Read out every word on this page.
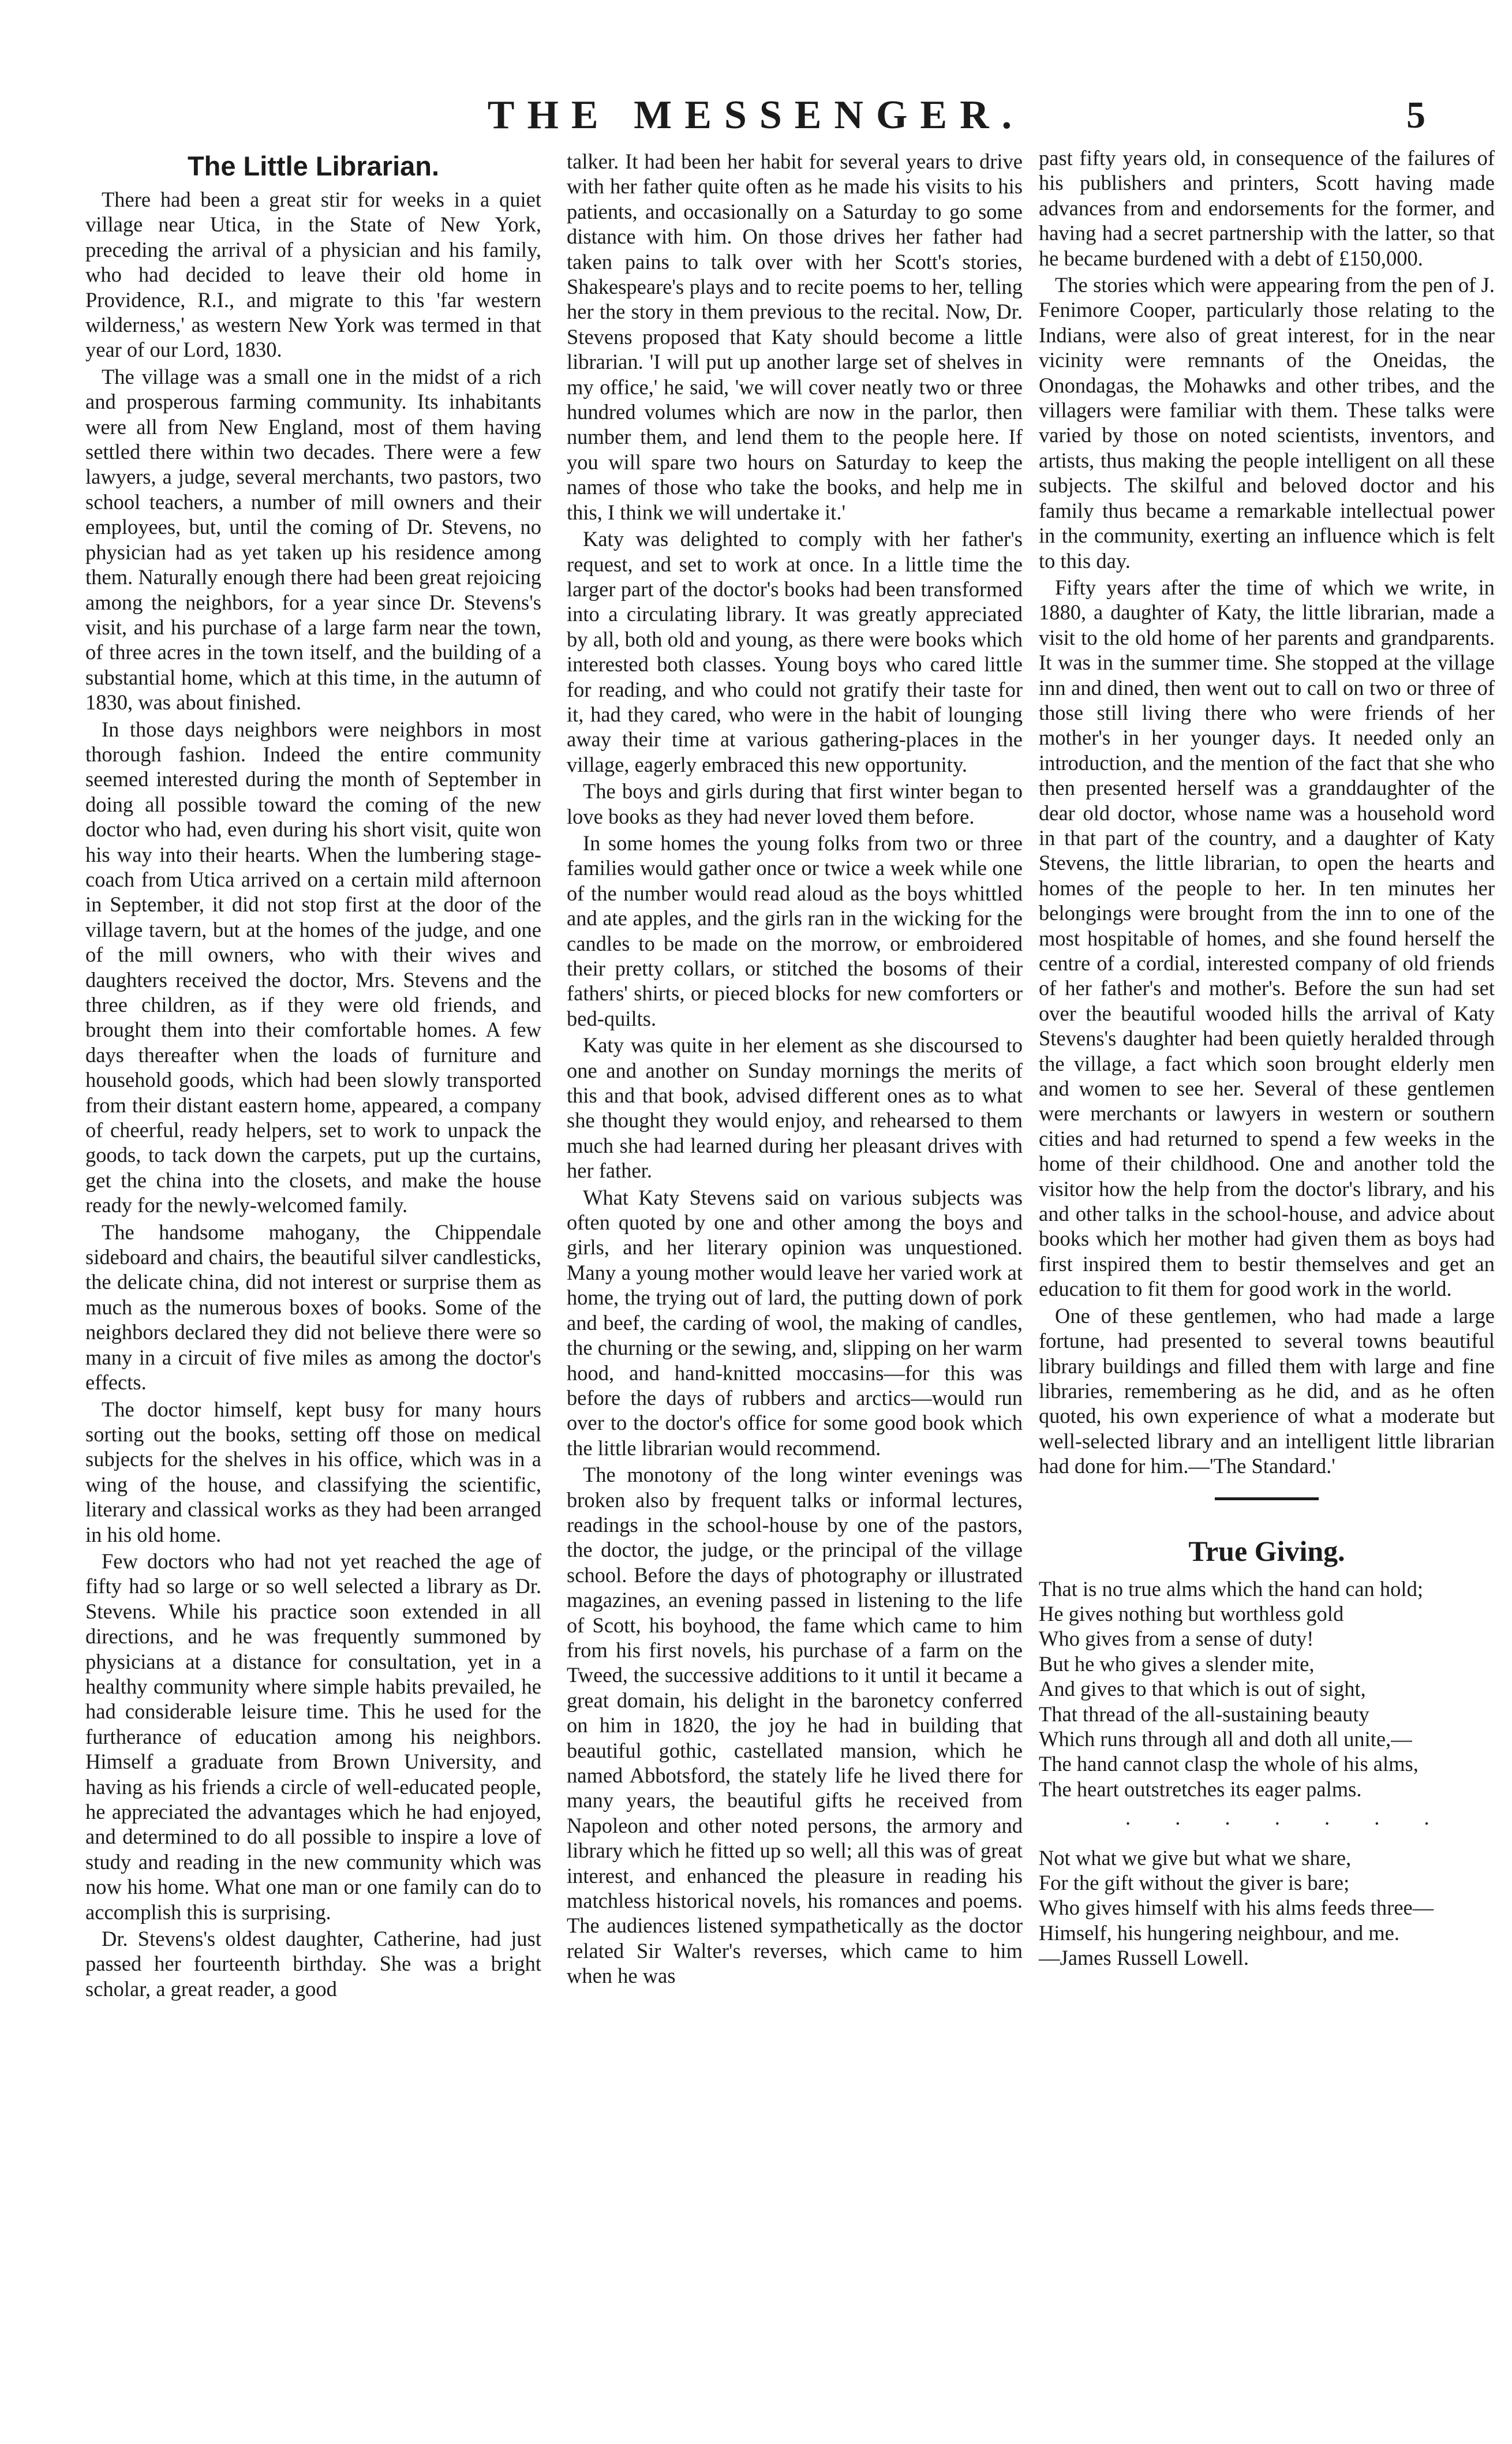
THE MESSENGER.	5
The Little Librarian.

There had been a great stir for weeks in a quiet village near Utica, in the State of New York, preceding the arrival of a physician and his family, who had decided to leave their old home in Providence, R.I., and migrate to this 'far western wilderness,' as western New York was termed in that year of our Lord, 1830.

The village was a small one in the midst of a rich and prosperous farming community. Its inhabitants were all from New England, most of them having settled there within two decades. There were a few lawyers, a judge, several merchants, two pastors, two school teachers, a number of mill owners and their employees, but, until the coming of Dr. Stevens, no physician had as yet taken up his residence among them. Naturally enough there had been great rejoicing among the neighbors, for a year since Dr. Stevens's visit, and his purchase of a large farm near the town, of three acres in the town itself, and the building of a substantial home, which at this time, in the autumn of 1830, was about finished.

In those days neighbors were neighbors in most thorough fashion. Indeed the entire community seemed interested during the month of September in doing all possible toward the coming of the new doctor who had, even during his short visit, quite won his way into their hearts. When the lumbering stage-coach from Utica arrived on a certain mild afternoon in September, it did not stop first at the door of the village tavern, but at the homes of the judge, and one of the mill owners, who with their wives and daughters received the doctor, Mrs. Stevens and the three children, as if they were old friends, and brought them into their comfortable homes. A few days thereafter when the loads of furniture and household goods, which had been slowly transported from their distant eastern home, appeared, a company of cheerful, ready helpers, set to work to unpack the goods, to tack down the carpets, put up the curtains, get the china into the closets, and make the house ready for the newly-welcomed family.

The handsome mahogany, the Chippendale sideboard and chairs, the beautiful silver candlesticks, the delicate china, did not interest or surprise them as much as the numerous boxes of books. Some of the neighbors declared they did not believe there were so many in a circuit of five miles as among the doctor's effects.

The doctor himself, kept busy for many hours sorting out the books, setting off those on medical subjects for the shelves in his office, which was in a wing of the house, and classifying the scientific, literary and classical works as they had been arranged in his old home.

Few doctors who had not yet reached the age of fifty had so large or so well selected a library as Dr. Stevens. While his practice soon extended in all directions, and he was frequently summoned by physicians at a distance for consultation, yet in a healthy community where simple habits prevailed, he had considerable leisure time. This he used for the furtherance of education among his neighbors. Himself a graduate from Brown University, and having as his friends a circle of well-educated people, he appreciated the advantages which he had enjoyed, and determined to do all possible to inspire a love of study and reading in the new community which was now his home. What one man or one family can do to accomplish this is surprising.

Dr. Stevens's oldest daughter, Catherine, had just passed her fourteenth birthday. She was a bright scholar, a great reader, a good

talker. It had been her habit for several years to drive with her father quite often as he made his visits to his patients, and occasionally on a Saturday to go some distance with him. On those drives her father had taken pains to talk over with her Scott's stories, Shakespeare's plays and to recite poems to her, telling her the story in them previous to the recital. Now, Dr. Stevens proposed that Katy should become a little librarian. 'I will put up another large set of shelves in my office,' he said, 'we will cover neatly two or three hundred volumes which are now in the parlor, then number them, and lend them to the people here. If you will spare two hours on Saturday to keep the names of those who take the books, and help me in this, I think we will undertake it.'

Katy was delighted to comply with her father's request, and set to work at once. In a little time the larger part of the doctor's books had been transformed into a circulating library. It was greatly appreciated by all, both old and young, as there were books which interested both classes. Young boys who cared little for reading, and who could not gratify their taste for it, had they cared, who were in the habit of lounging away their time at various gathering-places in the village, eagerly embraced this new opportunity.

The boys and girls during that first winter began to love books as they had never loved them before.

In some homes the young folks from two or three families would gather once or twice a week while one of the number would read aloud as the boys whittled and ate apples, and the girls ran in the wicking for the candles to be made on the morrow, or embroidered their pretty collars, or stitched the bosoms of their fathers' shirts, or pieced blocks for new comforters or bed-quilts.

Katy was quite in her element as she discoursed to one and another on Sunday mornings the merits of this and that book, advised different ones as to what she thought they would enjoy, and rehearsed to them much she had learned during her pleasant drives with her father.

What Katy Stevens said on various subjects was often quoted by one and other among the boys and girls, and her literary opinion was unquestioned. Many a young mother would leave her varied work at home, the trying out of lard, the putting down of pork and beef, the carding of wool, the making of candles, the churning or the sewing, and, slipping on her warm hood, and hand-knitted moccasins—for this was before the days of rubbers and arctics—would run over to the doctor's office for some good book which the little librarian would recommend.

The monotony of the long winter evenings was broken also by frequent talks or informal lectures, readings in the school-house by one of the pastors, the doctor, the judge, or the principal of the village school. Before the days of photography or illustrated magazines, an evening passed in listening to the life of Scott, his boyhood, the fame which came to him from his first novels, his purchase of a farm on the Tweed, the successive additions to it until it became a great domain, his delight in the baronetcy conferred on him in 1820, the joy he had in building that beautiful gothic, castellated mansion, which he named Abbotsford, the stately life he lived there for many years, the beautiful gifts he received from Napoleon and other noted persons, the armory and library which he fitted up so well; all this was of great interest, and enhanced the pleasure in reading his matchless historical novels, his romances and poems. The audiences listened sympathetically as the doctor related Sir Walter's reverses, which came to him when he was

past fifty years old, in consequence of the failures of his publishers and printers, Scott having made advances from and endorsements for the former, and having had a secret partnership with the latter, so that he became burdened with a debt of £150,000.

The stories which were appearing from the pen of J. Fenimore Cooper, particularly those relating to the Indians, were also of great interest, for in the near vicinity were remnants of the Oneidas, the Onondagas, the Mohawks and other tribes, and the villagers were familiar with them. These talks were varied by those on noted scientists, inventors, and artists, thus making the people intelligent on all these subjects. The skilful and beloved doctor and his family thus became a remarkable intellectual power in the community, exerting an influence which is felt to this day.

Fifty years after the time of which we write, in 1880, a daughter of Katy, the little librarian, made a visit to the old home of her parents and grandparents. It was in the summer time. She stopped at the village inn and dined, then went out to call on two or three of those still living there who were friends of her mother's in her younger days. It needed only an introduction, and the mention of the fact that she who then presented herself was a granddaughter of the dear old doctor, whose name was a household word in that part of the country, and a daughter of Katy Stevens, the little librarian, to open the hearts and homes of the people to her. In ten minutes her belongings were brought from the inn to one of the most hospitable of homes, and she found herself the centre of a cordial, interested company of old friends of her father's and mother's. Before the sun had set over the beautiful wooded hills the arrival of Katy Stevens's daughter had been quietly heralded through the village, a fact which soon brought elderly men and women to see her. Several of these gentlemen were merchants or lawyers in western or southern cities and had returned to spend a few weeks in the home of their childhood. One and another told the visitor how the help from the doctor's library, and his and other talks in the school-house, and advice about books which her mother had given them as boys had first inspired them to bestir themselves and get an education to fit them for good work in the world.

One of these gentlemen, who had made a large fortune, had presented to several towns beautiful library buildings and filled them with large and fine libraries, remembering as he did, and as he often quoted, his own experience of what a moderate but well-selected library and an intelligent little librarian had done for him.—'The Standard.'

True Giving.
That is no true alms which the hand can hold;
He gives nothing but worthless gold
Who gives from a sense of duty!
But he who gives a slender mite,
And gives to that which is out of sight,
That thread of the all-sustaining beauty
Which runs through all and doth all unite,—
The hand cannot clasp the whole of his alms,
The heart outstretches its eager palms.
. . . . . . .
Not what we give but what we share,
For the gift without the giver is bare;
Who gives himself with his alms feeds three—
Himself, his hungering neighbour, and me.
—James Russell Lowell.
